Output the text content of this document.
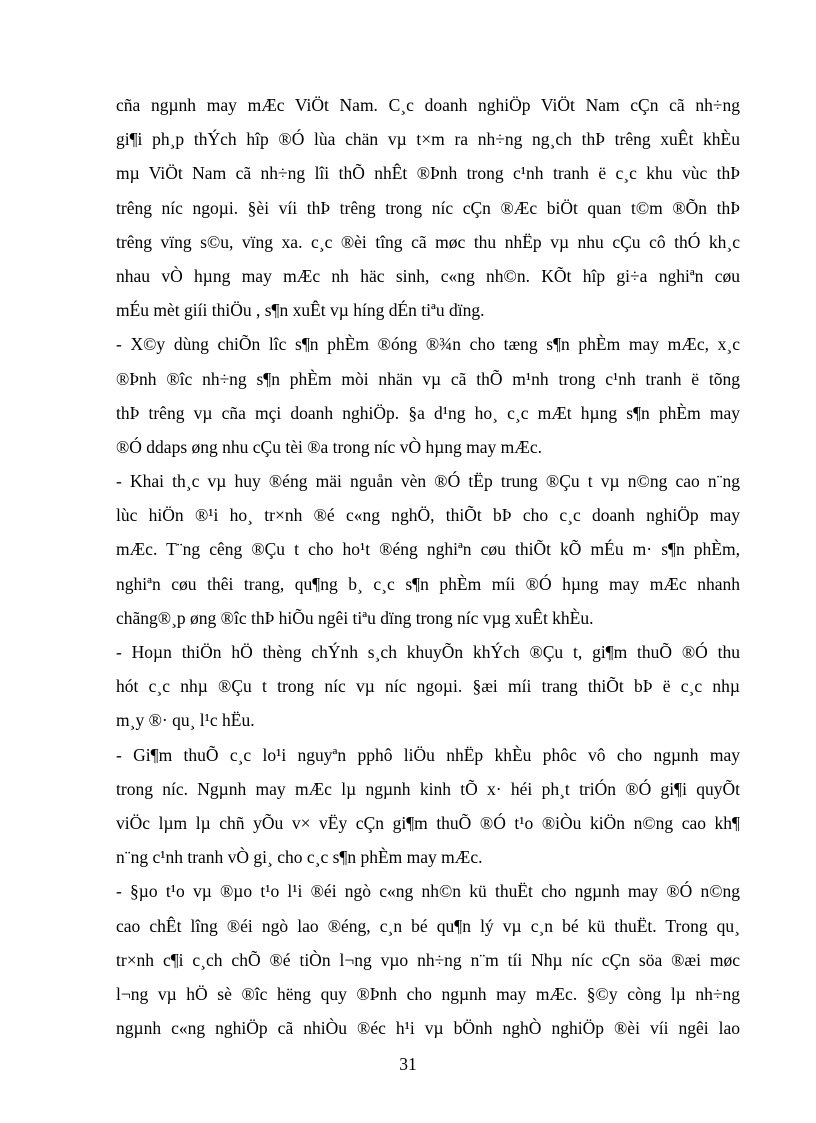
cña ngµnh may mÆc ViÖt Nam. C¸c doanh nghiÖp ViÖt Nam cÇn cã nh÷ng
gi¶i ph¸p thÝch hîp ®Ó lùa chän vµ t×m ra nh÷ng ng¸ch thÞ trêng xuÊt khÈu
mµ ViÖt Nam cã nh÷ng lîi thÕ nhÊt ®Þnh trong c¹nh tranh ë c¸c khu vùc thÞ
trêng níc ngoµi. §èi víi thÞ trêng trong níc cÇn ®Æc biÖt quan t©m ®Õn thÞ
trêng vïng s©u, vïng xa. c¸c ®èi tîng cã møc thu nhËp vµ nhu cÇu cô thÓ kh¸c
nhau vÒ hµng may mÆc nh häc sinh, c«ng nh©n. KÕt hîp gi÷a nghiªn cøu
mÉu mèt giíi thiÖu , s¶n xuÊt vµ híng dÉn tiªu dïng.
- X©y dùng chiÕn lîc s¶n phÈm ®óng ®¾n cho tæng s¶n phÈm may mÆc, x¸c
®Þnh ®îc nh÷ng s¶n phÈm mòi nhän vµ cã thÕ m¹nh trong c¹nh tranh ë tõng
thÞ trêng vµ cña mçi doanh nghiÖp. §a d¹ng ho¸ c¸c mÆt hµng s¶n phÈm may
®Ó ddaps øng nhu cÇu tèi ®a trong níc vÒ hµng may mÆc.
- Khai th¸c vµ huy ®éng mäi nguån vèn ®Ó tËp trung ®Çu t vµ n©ng cao n¨ng
lùc hiÖn ®¹i ho¸ tr×nh ®é c«ng nghÖ, thiÕt bÞ cho c¸c doanh nghiÖp may
mÆc. T¨ng cêng ®Çu t cho ho¹t ®éng nghiªn cøu thiÕt kÕ mÉu m· s¶n phÈm,
nghiªn cøu thêi trang, qu¶ng b¸ c¸c s¶n phÈm míi ®Ó hµng may mÆc nhanh
chãng®¸p øng ®îc thÞ hiÕu ngêi tiªu dïng trong níc vµg xuÊt khÈu.
- Hoµn thiÖn hÖ thèng chÝnh s¸ch khuyÕn khÝch ®Çu t, gi¶m thuÕ ®Ó thu
hót c¸c nhµ ®Çu t trong níc vµ níc ngoµi. §æi míi trang thiÕt bÞ ë c¸c nhµ
m¸y ®· qu¸ l¹c hËu.
- Gi¶m thuÕ c¸c lo¹i nguyªn pphô liÖu nhËp khÈu phôc vô cho ngµnh may
trong níc. Ngµnh may mÆc lµ ngµnh kinh tÕ x· héi ph¸t triÓn ®Ó gi¶i quyÕt
viÖc lµm lµ chñ yÕu v× vËy cÇn gi¶m thuÕ ®Ó t¹o ®iÒu kiÖn n©ng cao kh¶
n¨ng c¹nh tranh vÒ gi¸ cho c¸c s¶n phÈm may mÆc.
- §µo t¹o vµ ®µo t¹o l¹i ®éi ngò c«ng nh©n kü thuËt cho ngµnh may ®Ó n©ng
cao chÊt lîng ®éi ngò lao ®éng, c¸n bé qu¶n lý vµ c¸n bé kü thuËt. Trong qu¸
tr×nh c¶i c¸ch chÕ ®é tiÒn l¬ng vµo nh÷ng n¨m tíi Nhµ níc cÇn söa ®æi møc
l¬ng vµ hÖ sè ®îc hëng quy ®Þnh cho ngµnh may mÆc. §©y còng lµ nh÷ng
ngµnh c«ng nghiÖp cã nhiÒu ®éc h¹i vµ bÖnh nghÒ nghiÖp ®èi víi ngêi lao
31
